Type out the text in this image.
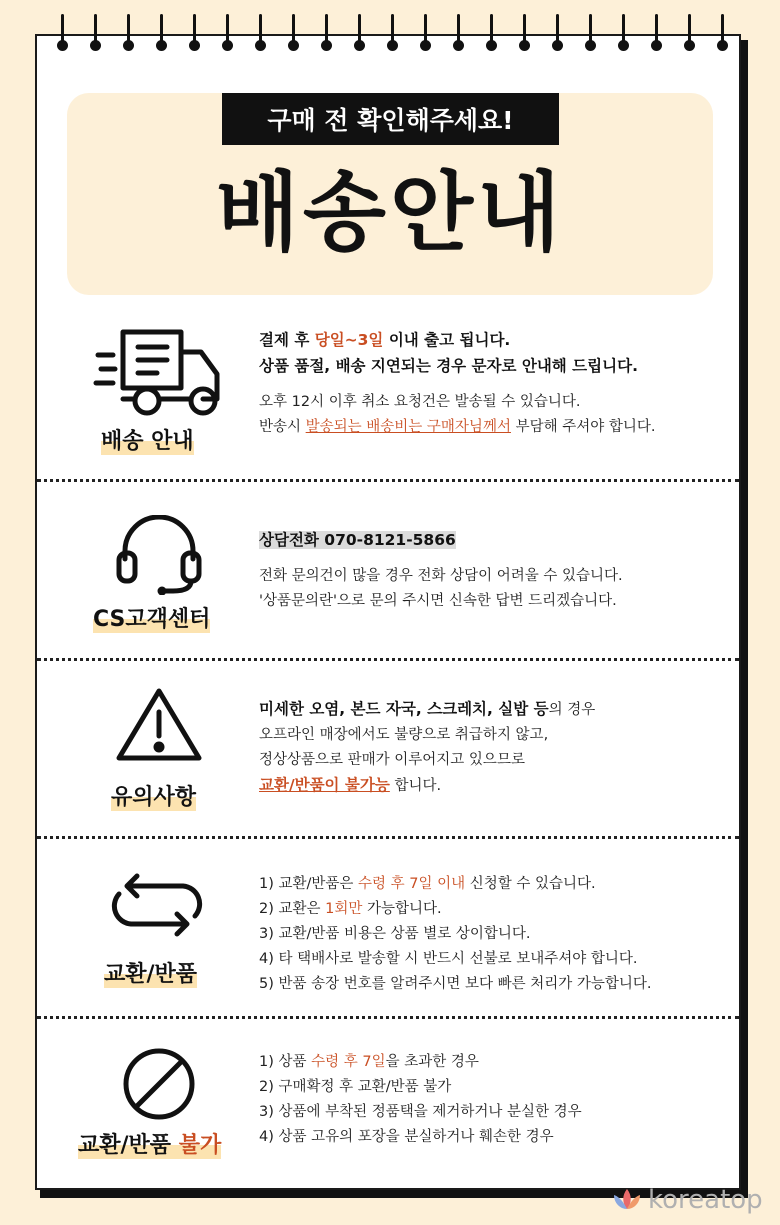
구매 전 확인해주세요!
배송안내
배송 안내

결제 후 당일~3일 이내 출고 됩니다.

상품 품절, 배송 지연되는 경우 문자로 안내해 드립니다.

오후 12시 이후 취소 요청건은 발송될 수 있습니다.

반송시 발송되는 배송비는 구매자님께서 부담해 주셔야 합니다.

CS고객센터

상담전화 070-8121-5866

전화 문의건이 많을 경우 전화 상담이 어려울 수 있습니다.

'상품문의란'으로 문의 주시면 신속한 답변 드리겠습니다.

유의사항

미세한 오염, 본드 자국, 스크레치, 실밥 등의 경우

오프라인 매장에서도 불량으로 취급하지 않고,

정상상품으로 판매가 이루어지고 있으므로

교환/반품이 불가능 합니다.

교환/반품

1) 교환/반품은 수령 후 7일 이내 신청할 수 있습니다.

2) 교환은 1회만 가능합니다.

3) 교환/반품 비용은 상품 별로 상이합니다.

4) 타 택배사로 발송할 시 반드시 선불로 보내주셔야 합니다.

5) 반품 송장 번호를 알려주시면 보다 빠른 처리가 가능합니다.

교환/반품 불가

1) 상품 수령 후 7일을 초과한 경우

2) 구매확정 후 교환/반품 불가

3) 상품에 부착된 정품택을 제거하거나 분실한 경우

4) 상품 고유의 포장을 분실하거나 훼손한 경우

koreatop
